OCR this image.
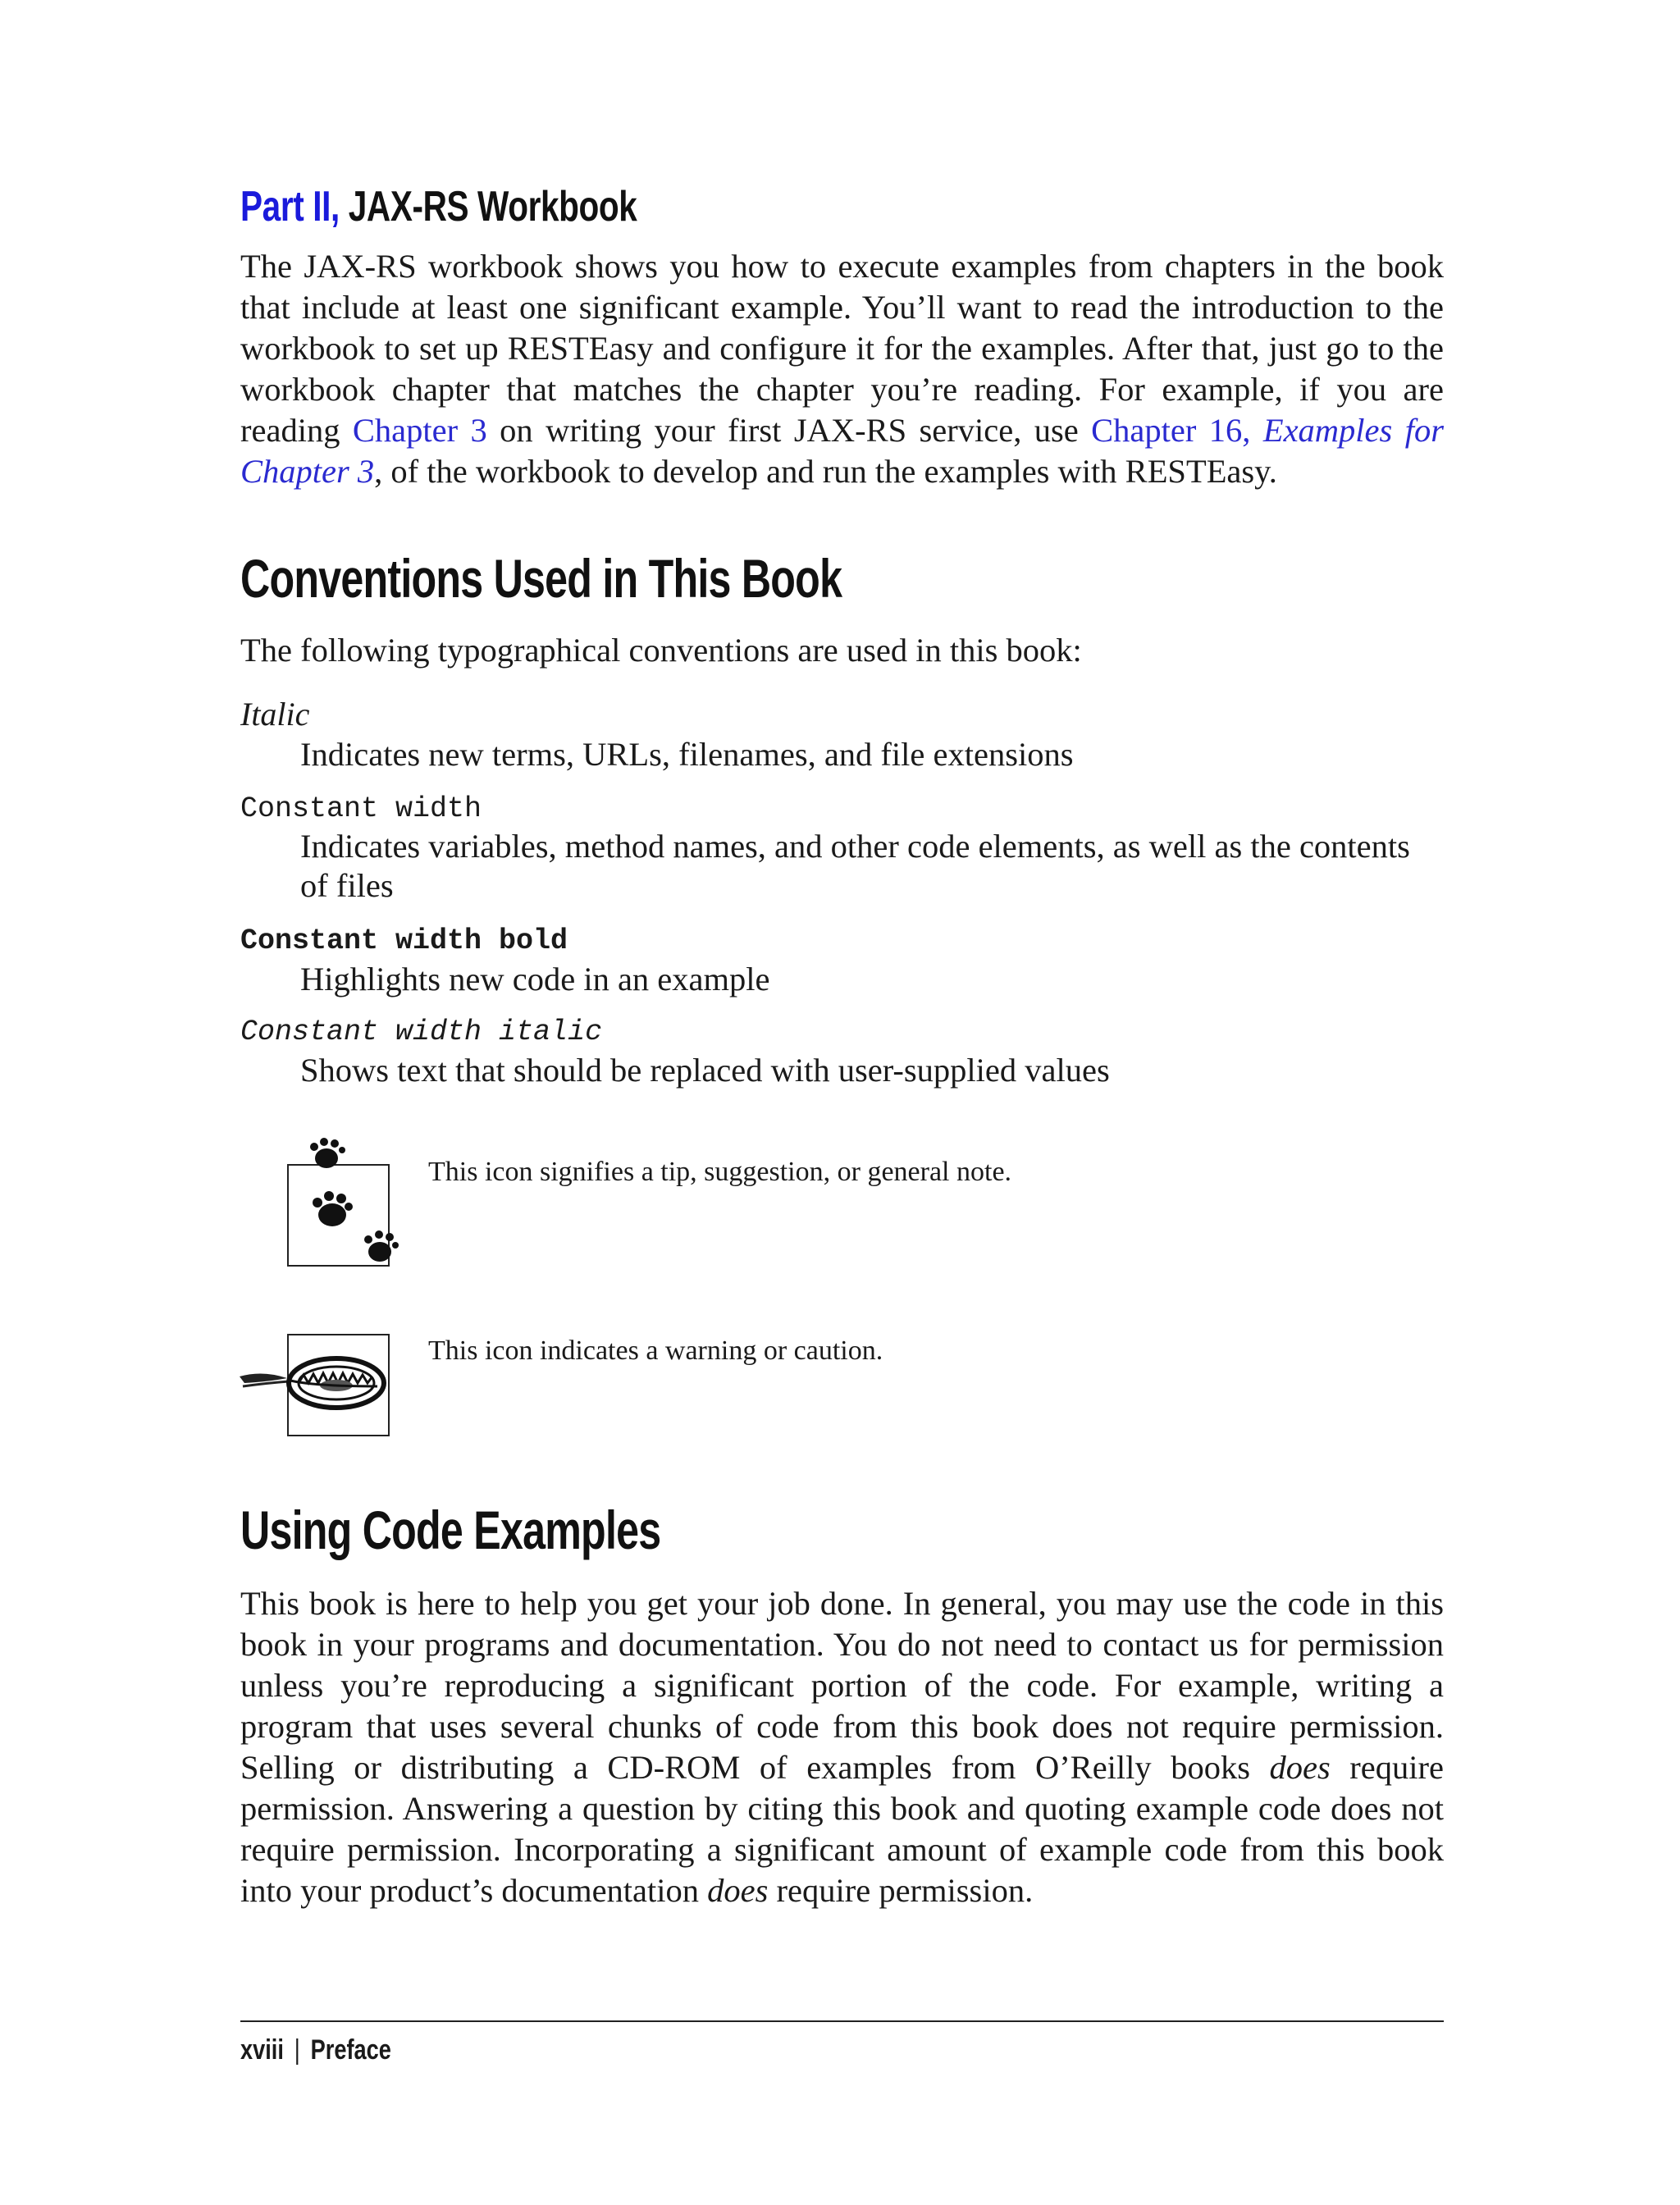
Part II, JAX-RS Workbook

The JAX-RS workbook shows you how to execute examples from chapters in the book that include at least one significant example. You’ll want to read the introduction to the workbook to set up RESTEasy and configure it for the examples. After that, just go to the workbook chapter that matches the chapter you’re reading. For example, if you are reading Chapter 3 on writing your first JAX-RS service, use Chapter 16, Examples for Chapter 3, of the workbook to develop and run the examples with RESTEasy.

Conventions Used in This Book

The following typographical conventions are used in this book:

Italic

Indicates new terms, URLs, filenames, and file extensions

Constant width

Indicates variables, method names, and other code elements, as well as the contents of files

Constant width bold

Highlights new code in an example

Constant width italic

Shows text that should be replaced with user-supplied values

This icon signifies a tip, suggestion, or general note.

This icon indicates a warning or caution.

Using Code Examples

This book is here to help you get your job done. In general, you may use the code in this book in your programs and documentation. You do not need to contact us for permission unless you’re reproducing a significant portion of the code. For example, writing a program that uses several chunks of code from this book does not require permission. Selling or distributing a CD-ROM of examples from O’Reilly books does require permission. Answering a question by citing this book and quoting example code does not require permission. Incorporating a significant amount of example code from this book into your product’s documentation does require permission.

xviii | Preface
